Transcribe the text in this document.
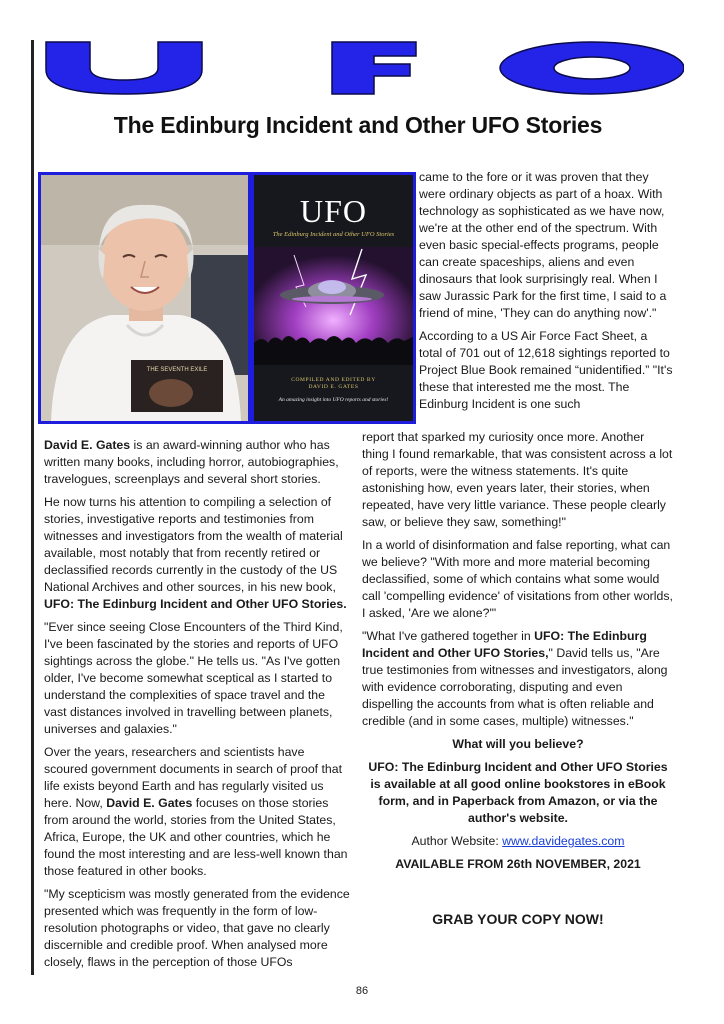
The Edinburg Incident and Other UFO Stories
THE SEVENTH EXILE
UFO
The Edinburg Incident and Other UFO Stories
COMPILED AND EDITED BY
DAVID E. GATES
An amazing insight into UFO reports and stories!

came to the fore or it was proven that they were ordinary objects as part of a hoax. With technology as sophisticated as we have now, we're at the other end of the spectrum. With even basic special-effects programs, people can create spaceships, aliens and even dinosaurs that look surprisingly real. When I saw Jurassic Park for the first time, I said to a friend of mine, 'They can do anything now'."

According to a US Air Force Fact Sheet, a total of 701 out of 12,618 sightings reported to Project Blue Book remained “unidentified.” "It's these that interested me the most. The Edinburg Incident is one such

David E. Gates is an award-winning author who has written many books, including horror, autobiographies, travelogues, screenplays and several short stories.

He now turns his attention to compiling a selection of stories, investigative reports and testimonies from witnesses and investigators from the wealth of material available, most notably that from recently retired or declassified records currently in the custody of the US National Archives and other sources, in his new book, UFO: The Edinburg Incident and Other UFO Stories.

"Ever since seeing Close Encounters of the Third Kind, I've been fascinated by the stories and reports of UFO sightings across the globe." He tells us. "As I've gotten older, I've become somewhat sceptical as I started to understand the complexities of space travel and the vast distances involved in travelling between planets, universes and galaxies."

Over the years, researchers and scientists have scoured government documents in search of proof that life exists beyond Earth and has regularly visited us here. Now, David E. Gates focuses on those stories from around the world, stories from the United States, Africa, Europe, the UK and other countries, which he found the most interesting and are less-well known than those featured in other books.

"My scepticism was mostly generated from the evidence presented which was frequently in the form of low-resolution photographs or video, that gave no clearly discernible and credible proof. When analysed more closely, flaws in the perception of those UFOs

report that sparked my curiosity once more. Another thing I found remarkable, that was consistent across a lot of reports, were the witness statements. It's quite astonishing how, even years later, their stories, when repeated, have very little variance. These people clearly saw, or believe they saw, something!"

In a world of disinformation and false reporting, what can we believe? "With more and more material becoming declassified, some of which contains what some would call 'compelling evidence' of visitations from other worlds, I asked, 'Are we alone?'"

"What I've gathered together in UFO: The Edinburg Incident and Other UFO Stories," David tells us, "Are true testimonies from witnesses and investigators, along with evidence corroborating, disputing and even dispelling the accounts from what is often reliable and credible (and in some cases, multiple) witnesses."

What will you believe?

UFO: The Edinburg Incident and Other UFO Stories is available at all good online bookstores in eBook form, and in Paperback from Amazon, or via the author's website.

Author Website: www.davidegates.com

AVAILABLE FROM 26th NOVEMBER, 2021

GRAB YOUR COPY NOW!

86
